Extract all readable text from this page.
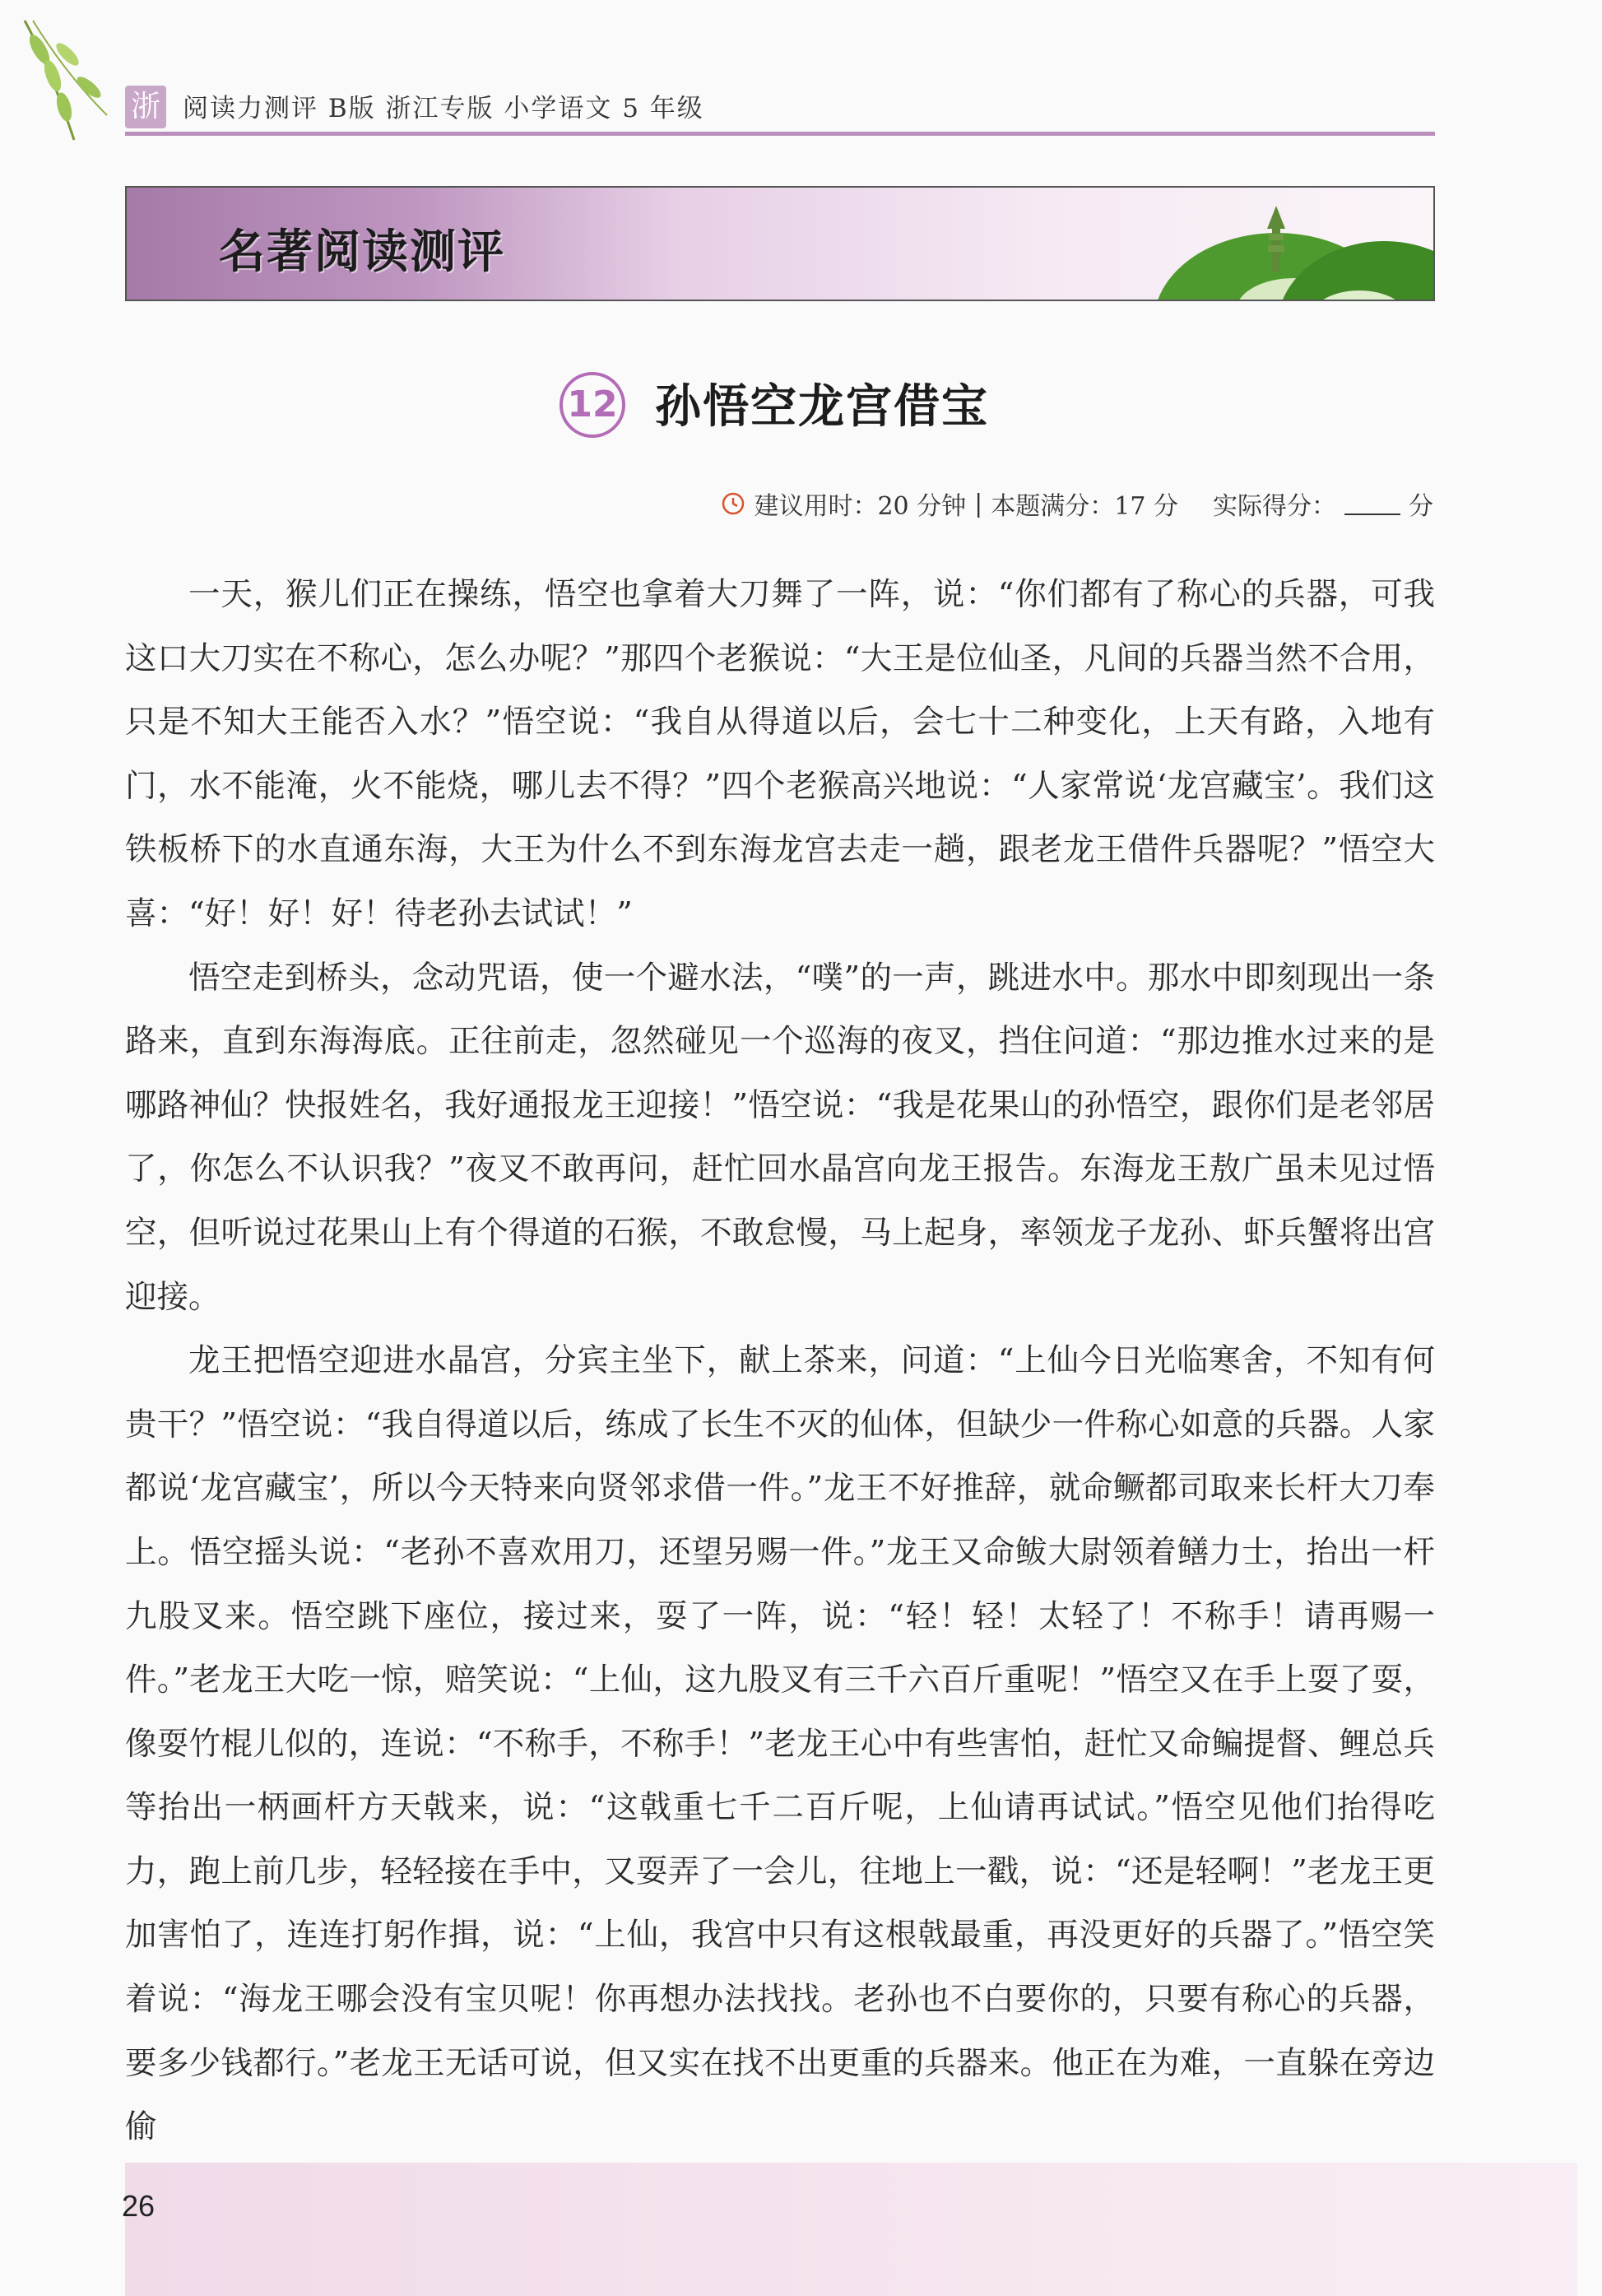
浙 阅读力测评 B版 浙江专版 小学语文 5 年级
名著阅读测评
12 孙悟空龙宫借宝
建议用时：20 分钟 | 本题满分：17 分 实际得分：	分

一天，猴儿们正在操练，悟空也拿着大刀舞了一阵，说：“你们都有了称心的兵器，可我这口大刀实在不称心，怎么办呢？”那四个老猴说：“大王是位仙圣，凡间的兵器当然不合用，只是不知大王能否入水？”悟空说：“我自从得道以后，会七十二种变化，上天有路，入地有门，水不能淹，火不能烧，哪儿去不得？”四个老猴高兴地说：“人家常说‘龙宫藏宝’。我们这铁板桥下的水直通东海，大王为什么不到东海龙宫去走一趟，跟老龙王借件兵器呢？”悟空大喜：“好！好！好！待老孙去试试！”

悟空走到桥头，念动咒语，使一个避水法，“噗”的一声，跳进水中。那水中即刻现出一条路来，直到东海海底。正往前走，忽然碰见一个巡海的夜叉，挡住问道：“那边推水过来的是哪路神仙？快报姓名，我好通报龙王迎接！”悟空说：“我是花果山的孙悟空，跟你们是老邻居了，你怎么不认识我？”夜叉不敢再问，赶忙回水晶宫向龙王报告。东海龙王敖广虽未见过悟空，但听说过花果山上有个得道的石猴，不敢怠慢，马上起身，率领龙子龙孙、虾兵蟹将出宫迎接。

龙王把悟空迎进水晶宫，分宾主坐下，献上茶来，问道：“上仙今日光临寒舍，不知有何贵干？”悟空说：“我自得道以后，练成了长生不灭的仙体，但缺少一件称心如意的兵器。人家都说‘龙宫藏宝’，所以今天特来向贤邻求借一件。”龙王不好推辞，就命鳜都司取来长杆大刀奉上。悟空摇头说：“老孙不喜欢用刀，还望另赐一件。”龙王又命鲅大尉领着鳝力士，抬出一杆九股叉来。悟空跳下座位，接过来，耍了一阵，说：“轻！轻！太轻了！不称手！请再赐一件。”老龙王大吃一惊，赔笑说：“上仙，这九股叉有三千六百斤重呢！”悟空又在手上耍了耍，像耍竹棍儿似的，连说：“不称手，不称手！”老龙王心中有些害怕，赶忙又命鳊提督、鲤总兵等抬出一柄画杆方天戟来，说：“这戟重七千二百斤呢，上仙请再试试。”悟空见他们抬得吃力，跑上前几步，轻轻接在手中，又耍弄了一会儿，往地上一戳，说：“还是轻啊！”老龙王更加害怕了，连连打躬作揖，说：“上仙，我宫中只有这根戟最重，再没更好的兵器了。”悟空笑着说：“海龙王哪会没有宝贝呢！你再想办法找找。老孙也不白要你的，只要有称心的兵器，要多少钱都行。”老龙王无话可说，但又实在找不出更重的兵器来。他正在为难，一直躲在旁边偷

26
